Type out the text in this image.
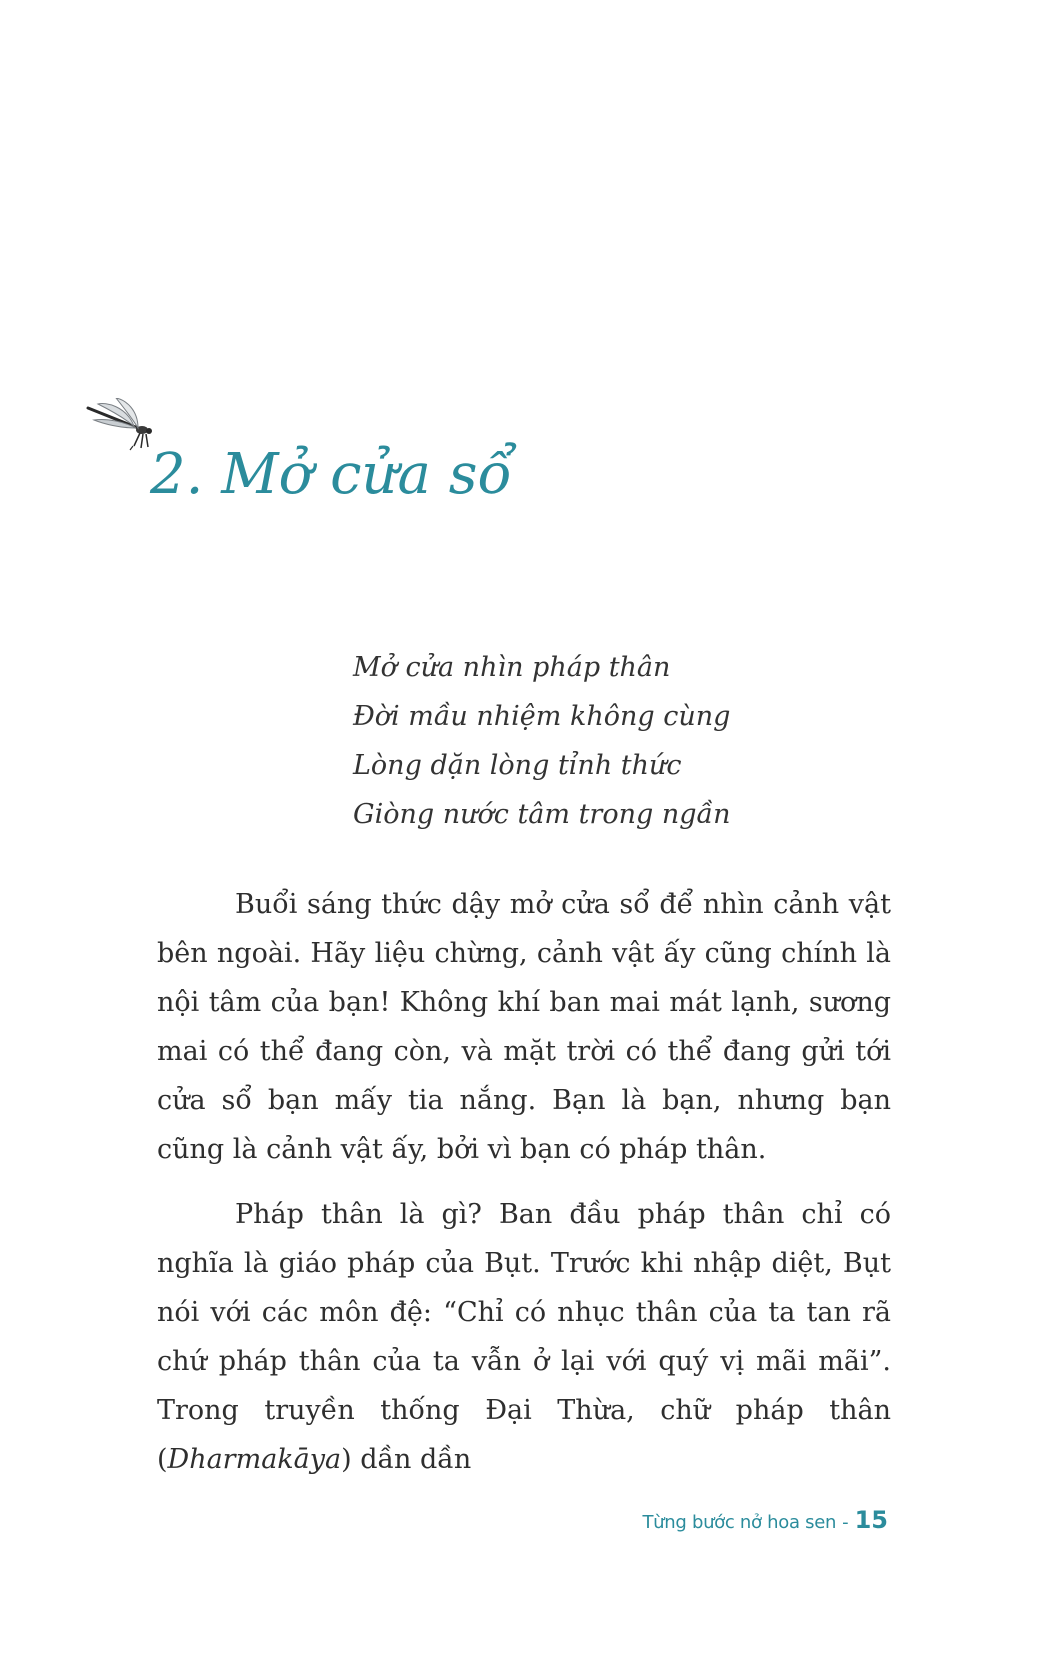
2. Mở cửa sổ
Mở cửa nhìn pháp thân
Đời mầu nhiệm không cùng
Lòng dặn lòng tỉnh thức
Giòng nước tâm trong ngần

Buổi sáng thức dậy mở cửa sổ để nhìn cảnh vật bên ngoài. Hãy liệu chừng, cảnh vật ấy cũng chính là nội tâm của bạn! Không khí ban mai mát lạnh, sương mai có thể đang còn, và mặt trời có thể đang gửi tới cửa sổ bạn mấy tia nắng. Bạn là bạn, nhưng bạn cũng là cảnh vật ấy, bởi vì bạn có pháp thân.

Pháp thân là gì? Ban đầu pháp thân chỉ có nghĩa là giáo pháp của Bụt. Trước khi nhập diệt, Bụt nói với các môn đệ: “Chỉ có nhục thân của ta tan rã chứ pháp thân của ta vẫn ở lại với quý vị mãi mãi”. Trong truyền thống Đại Thừa, chữ pháp thân (Dharmakāya) dần dần

Từng bước nở hoa sen - 15
